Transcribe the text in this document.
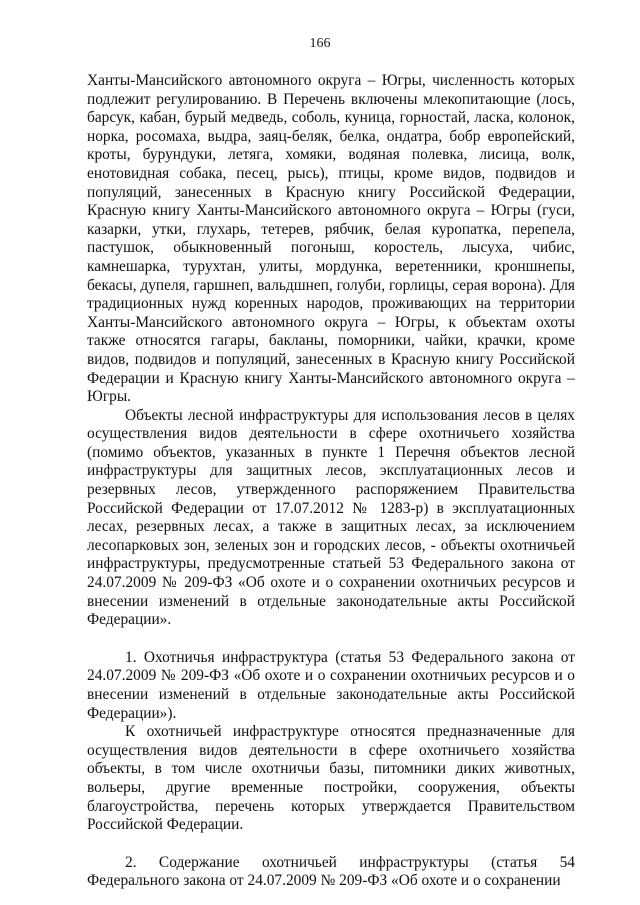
166

Ханты-Мансийского автономного округа – Югры, численность которых подлежит регулированию. В Перечень включены млекопитающие (лось, барсук, кабан, бурый медведь, соболь, куница, горностай, ласка, колонок, норка, росомаха, выдра, заяц-беляк, белка, ондатра, бобр европейский, кроты, бурундуки, летяга, хомяки, водяная полевка, лисица, волк, енотовидная собака, песец, рысь), птицы, кроме видов, подвидов и популяций, занесенных в Красную книгу Российской Федерации, Красную книгу Ханты-Мансийского автономного округа – Югры (гуси, казарки, утки, глухарь, тетерев, рябчик, белая куропатка, перепела, пастушок, обыкновенный погоныш, коростель, лысуха, чибис, камнешарка, турухтан, улиты, мордунка, веретенники, кроншнепы, бекасы, дупеля, гаршнеп, вальдшнеп, голуби, горлицы, серая ворона). Для традиционных нужд коренных народов, проживающих на территории Ханты-Мансийского автономного округа – Югры, к объектам охоты также относятся гагары, бакланы, поморники, чайки, крачки, кроме видов, подвидов и популяций, занесенных в Красную книгу Российской Федерации и Красную книгу Ханты-Мансийского автономного округа – Югры.

Объекты лесной инфраструктуры для использования лесов в целях осуществления видов деятельности в сфере охотничьего хозяйства (помимо объектов, указанных в пункте 1 Перечня объектов лесной инфраструктуры для защитных лесов, эксплуатационных лесов и резервных лесов, утвержденного распоряжением Правительства Российской Федерации от 17.07.2012 № 1283-р) в эксплуатационных лесах, резервных лесах, а также в защитных лесах, за исключением лесопарковых зон, зеленых зон и городских лесов, - объекты охотничьей инфраструктуры, предусмотренные статьей 53 Федерального закона от 24.07.2009 № 209-ФЗ «Об охоте и о сохранении охотничьих ресурсов и внесении изменений в отдельные законодательные акты Российской Федерации».

1. Охотничья инфраструктура (статья 53 Федерального закона от 24.07.2009 № 209-ФЗ «Об охоте и о сохранении охотничьих ресурсов и о внесении изменений в отдельные законодательные акты Российской Федерации»).

К охотничьей инфраструктуре относятся предназначенные для осуществления видов деятельности в сфере охотничьего хозяйства объекты, в том числе охотничьи базы, питомники диких животных, вольеры, другие временные постройки, сооружения, объекты благоустройства, перечень которых утверждается Правительством Российской Федерации.

2. Содержание охотничьей инфраструктуры (статья 54 Федерального закона от 24.07.2009 № 209-ФЗ «Об охоте и о сохранении
